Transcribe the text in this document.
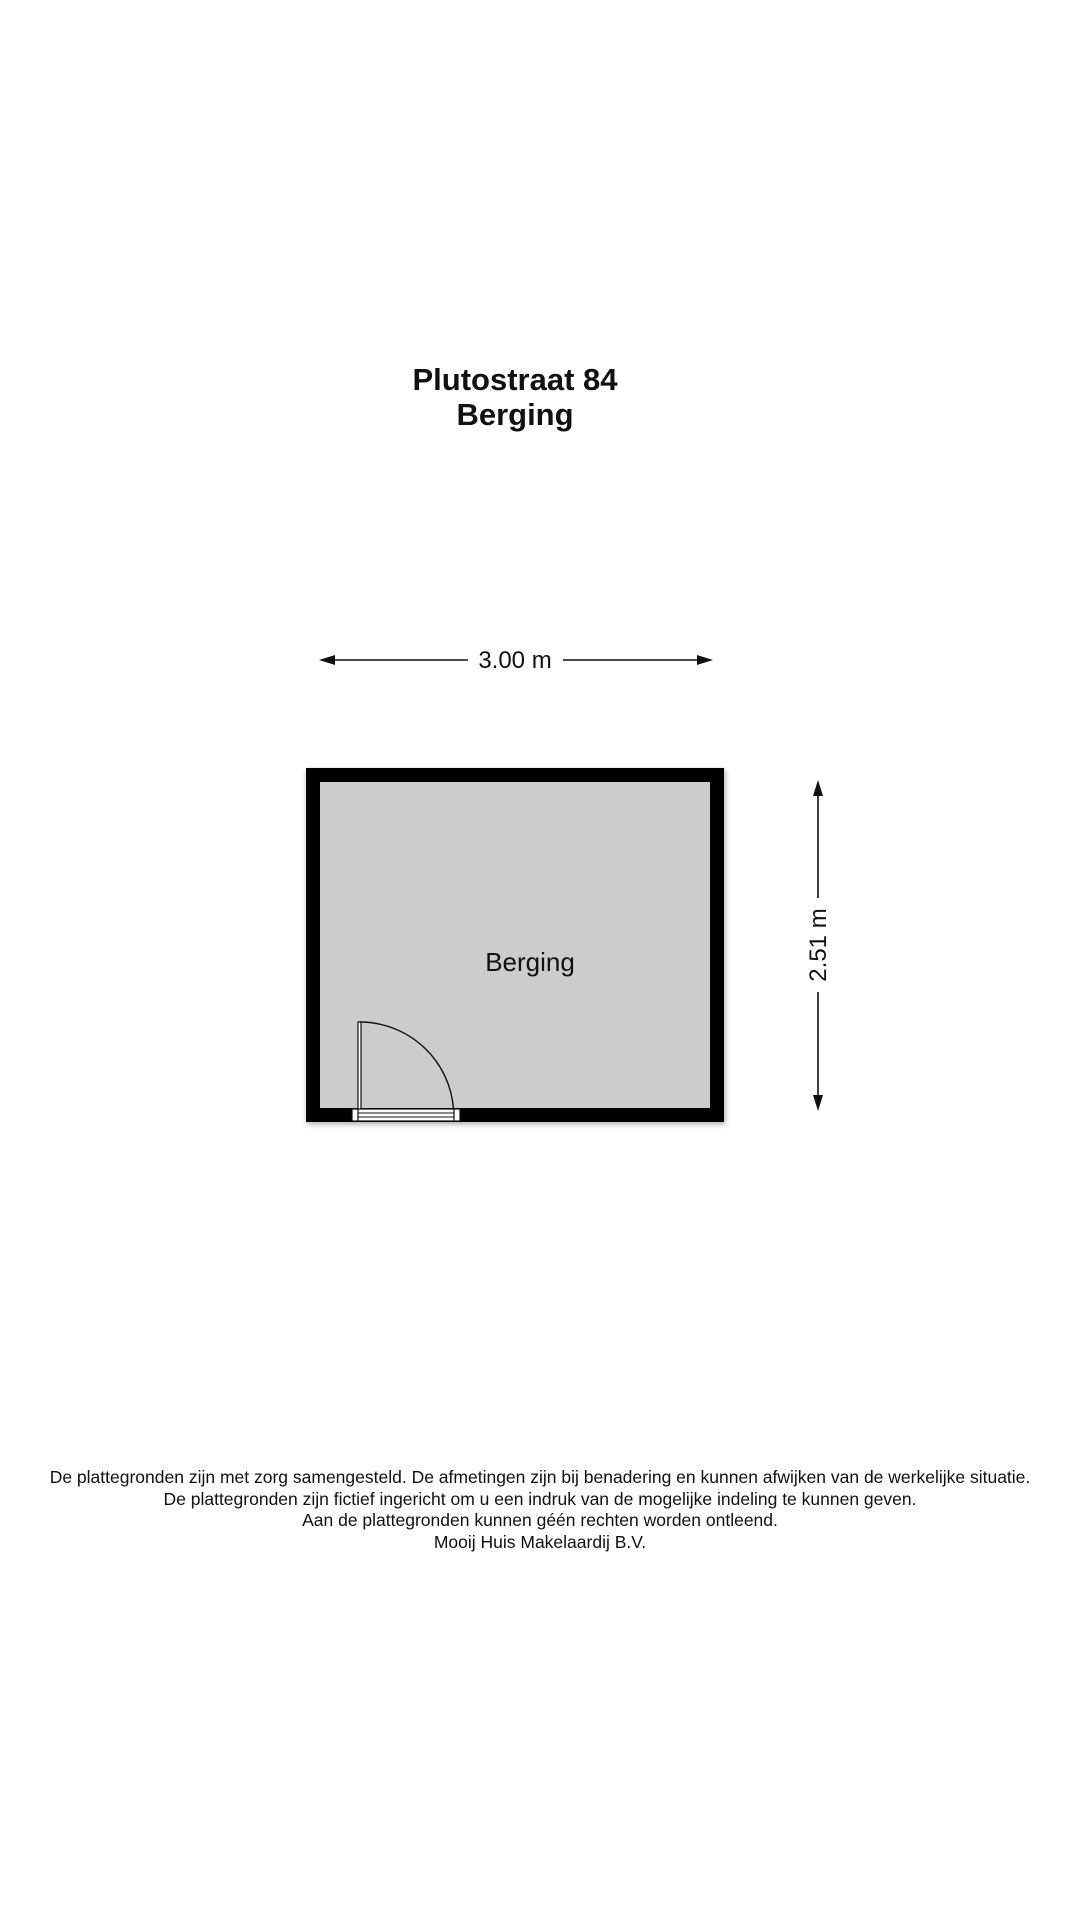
Plutostraat 84
Berging
3.00 m
2.51 m
Berging
De plattegronden zijn met zorg samengesteld. De afmetingen zijn bij benadering en kunnen afwijken van de werkelijke situatie.
De plattegronden zijn fictief ingericht om u een indruk van de mogelijke indeling te kunnen geven.
Aan de plattegronden kunnen géén rechten worden ontleend.
Mooij Huis Makelaardij B.V.
